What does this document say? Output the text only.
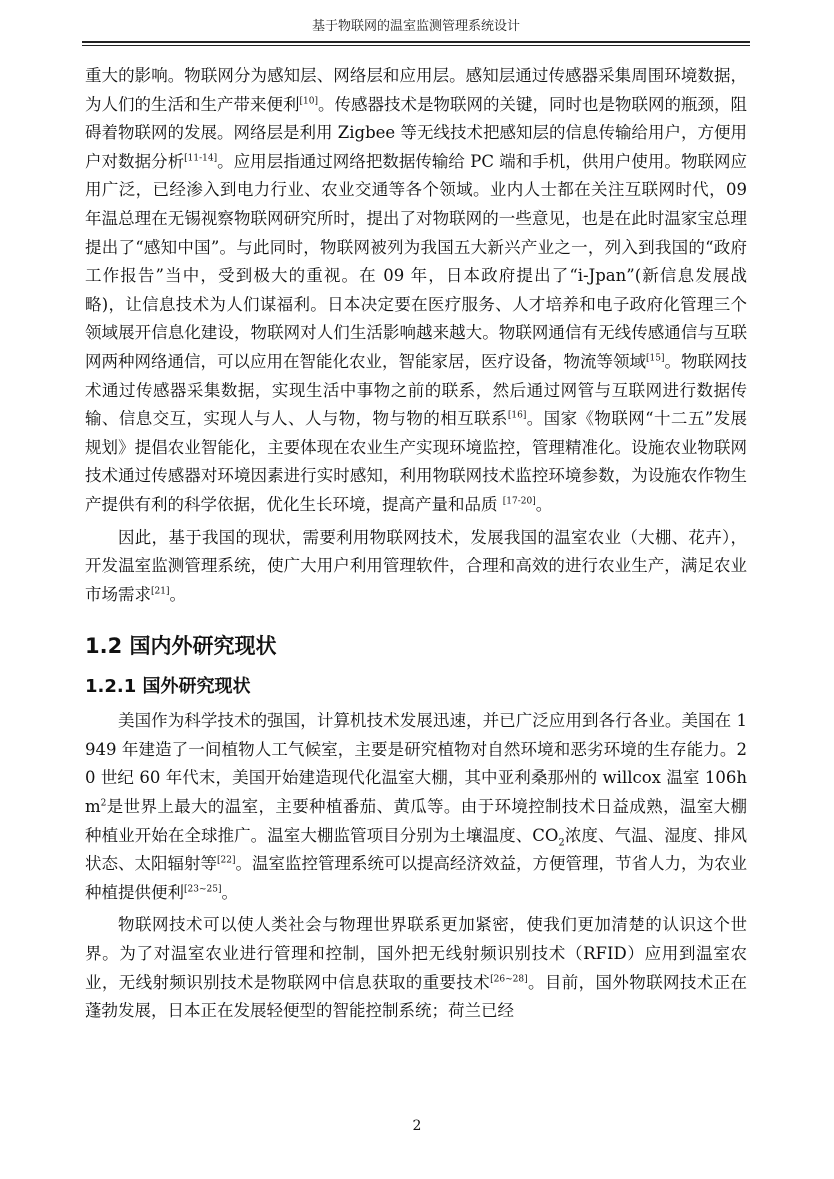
基于物联网的温室监测管理系统设计

重大的影响。物联网分为感知层、网络层和应用层。感知层通过传感器采集周围环境数据，为人们的生活和生产带来便利[10]。传感器技术是物联网的关键，同时也是物联网的瓶颈，阻碍着物联网的发展。网络层是利用 Zigbee 等无线技术把感知层的信息传输给用户，方便用户对数据分析[11-14]。应用层指通过网络把数据传输给 PC 端和手机，供用户使用。物联网应用广泛，已经渗入到电力行业、农业交通等各个领域。业内人士都在关注互联网时代，09 年温总理在无锡视察物联网研究所时，提出了对物联网的一些意见，也是在此时温家宝总理提出了“感知中国”。与此同时，物联网被列为我国五大新兴产业之一，列入到我国的“政府工作报告”当中，受到极大的重视。在 09 年，日本政府提出了“i-Jpan”(新信息发展战略)，让信息技术为人们谋福利。日本决定要在医疗服务、人才培养和电子政府化管理三个领域展开信息化建设，物联网对人们生活影响越来越大。物联网通信有无线传感通信与互联网两种网络通信，可以应用在智能化农业，智能家居，医疗设备，物流等领域[15]。物联网技术通过传感器采集数据，实现生活中事物之前的联系，然后通过网管与互联网进行数据传输、信息交互，实现人与人、人与物，物与物的相互联系[16]。国家《物联网“十二五”发展规划》提倡农业智能化，主要体现在农业生产实现环境监控，管理精准化。设施农业物联网技术通过传感器对环境因素进行实时感知，利用物联网技术监控环境参数，为设施农作物生产提供有利的科学依据，优化生长环境，提高产量和品质 [17-20]。

因此，基于我国的现状，需要利用物联网技术，发展我国的温室农业（大棚、花卉），开发温室监测管理系统，使广大用户利用管理软件，合理和高效的进行农业生产，满足农业市场需求[21]。

1.2 国内外研究现状
1.2.1 国外研究现状

美国作为科学技术的强国，计算机技术发展迅速，并已广泛应用到各行各业。美国在 1949 年建造了一间植物人工气候室，主要是研究植物对自然环境和恶劣环境的生存能力。20 世纪 60 年代末，美国开始建造现代化温室大棚，其中亚利桑那州的 willcox 温室 $106hm^2$是世界上最大的温室，主要种植番茄、黄瓜等。由于环境控制技术日益成熟，温室大棚种植业开始在全球推广。温室大棚监管项目分别为土壤温度、$CO_2$浓度、气温、湿度、排风状态、太阳辐射等[22]。温室监控管理系统可以提高经济效益，方便管理，节省人力，为农业种植提供便利[23~25]。

物联网技术可以使人类社会与物理世界联系更加紧密，使我们更加清楚的认识这个世界。为了对温室农业进行管理和控制，国外把无线射频识别技术（RFID）应用到温室农业，无线射频识别技术是物联网中信息获取的重要技术[26~28]。目前，国外物联网技术正在蓬勃发展，日本正在发展轻便型的智能控制系统；荷兰已经

2
